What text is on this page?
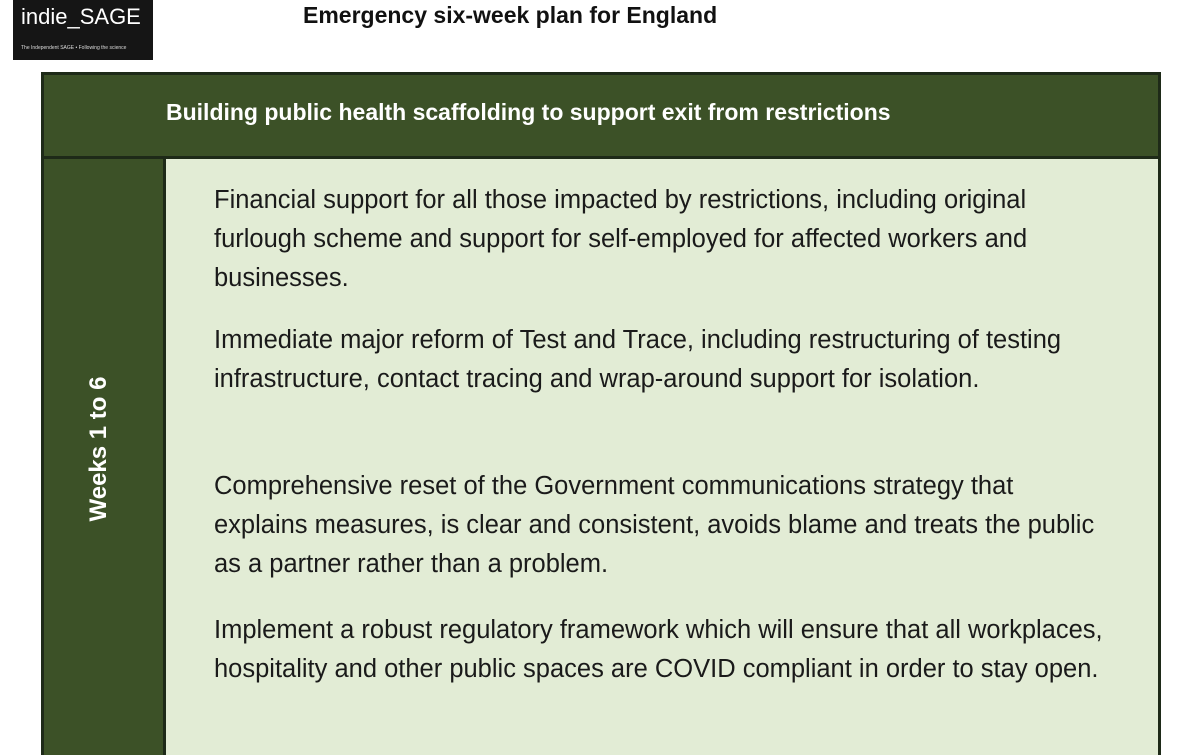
indie_SAGE
The Independent SAGE • Following the science
Emergency six-week plan for England
Building public health scaffolding to support exit from restrictions
Weeks 1 to 6
Financial support for all those impacted by restrictions, including original furlough scheme and support for self-employed for affected workers and businesses.
Immediate major reform of Test and Trace, including restructuring of testing infrastructure, contact tracing and wrap-around support for isolation.
Comprehensive reset of the Government communications strategy that explains measures, is clear and consistent, avoids blame and treats the public as a partner rather than a problem.
Implement a robust regulatory framework which will ensure that all workplaces, hospitality and other public spaces are COVID compliant in order to stay open.
